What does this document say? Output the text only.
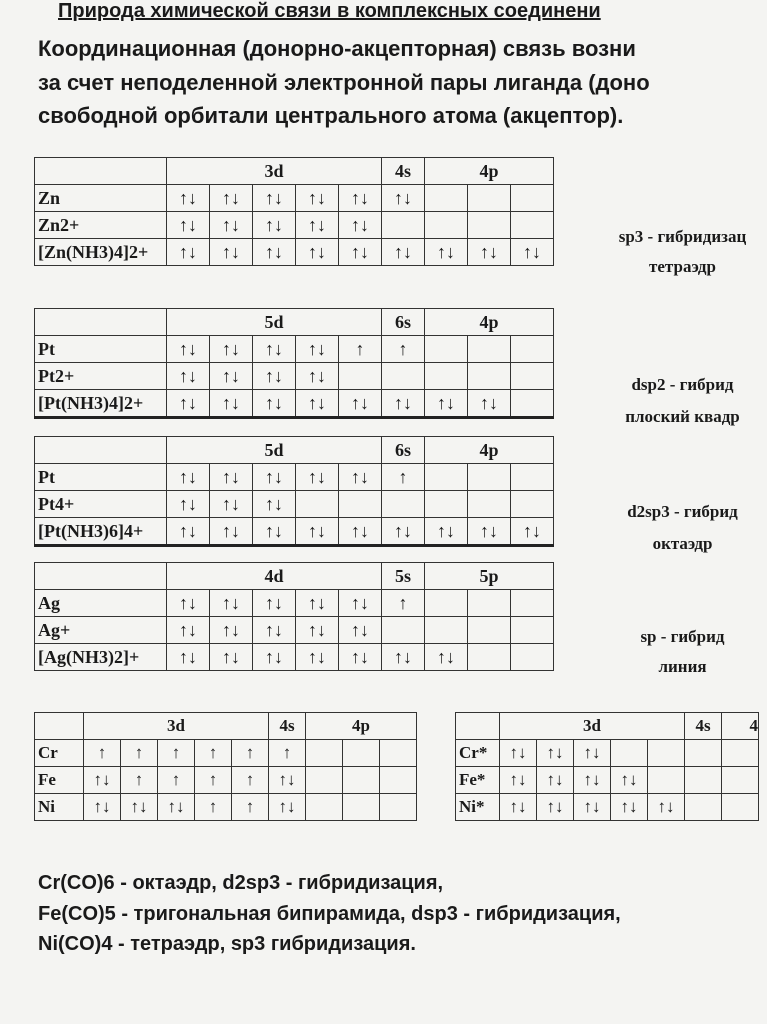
Природа химической связи в комплексных соединени
Координационная (донорно-акцепторная) связь возни
за счет неподеленной электронной пары лиганда (доно
свободной орбитали центрального атома (акцептор).
	3d					4s	4p		
Zn	↑↓	↑↓	↑↓	↑↓	↑↓	↑↓			
Zn2+	↑↓	↑↓	↑↓	↑↓	↑↓				
[Zn(NH3)4]2+	↑↓	↑↓	↑↓	↑↓	↑↓	↑↓	↑↓	↑↓	↑↓
sp3 - гибридизац
тетраэдр
	5d					6s	4p		
Pt	↑↓	↑↓	↑↓	↑↓	↑	↑			
Pt2+	↑↓	↑↓	↑↓	↑↓					
[Pt(NH3)4]2+	↑↓	↑↓	↑↓	↑↓	↑↓	↑↓	↑↓	↑↓	
dsp2 - гибрид
плоский квадр
	5d					6s	4p		
Pt	↑↓	↑↓	↑↓	↑↓	↑↓	↑			
Pt4+	↑↓	↑↓	↑↓						
[Pt(NH3)6]4+	↑↓	↑↓	↑↓	↑↓	↑↓	↑↓	↑↓	↑↓	↑↓
d2sp3 - гибрид
октаэдр
	4d					5s	5p		
Ag	↑↓	↑↓	↑↓	↑↓	↑↓	↑			
Ag+	↑↓	↑↓	↑↓	↑↓	↑↓				
[Ag(NH3)2]+	↑↓	↑↓	↑↓	↑↓	↑↓	↑↓	↑↓		
sp - гибрид
линия
	3d					4s	4p		
Cr	↑	↑	↑	↑	↑	↑			
Fe	↑↓	↑	↑	↑	↑	↑↓			
Ni	↑↓	↑↓	↑↓	↑	↑	↑↓			
	3d					4s	4
Cr*	↑↓	↑↓	↑↓				
Fe*	↑↓	↑↓	↑↓	↑↓			
Ni*	↑↓	↑↓	↑↓	↑↓	↑↓		
Cr(CO)6 - октаэдр, d2sp3 - гибридизация,
Fe(CO)5 - тригональная бипирамида, dsp3 - гибридизация,
Ni(CO)4 - тетраэдр, sp3 гибридизация.
